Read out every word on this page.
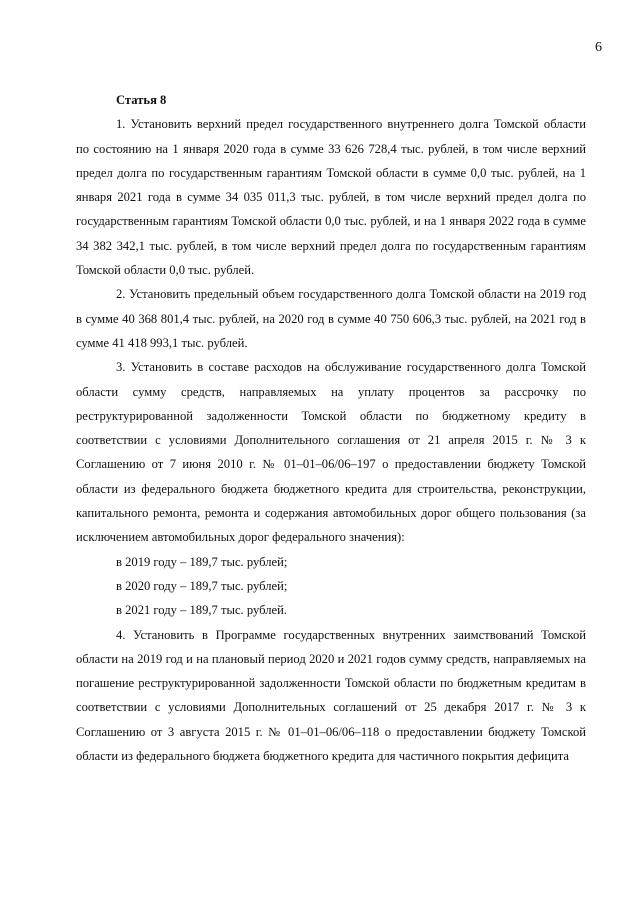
6

Статья 8

1. Установить верхний предел государственного внутреннего долга Томской области по состоянию на 1 января 2020 года в сумме 33 626 728,4 тыс. рублей, в том числе верхний предел долга по государственным гарантиям Томской области в сумме 0,0 тыс. рублей, на 1 января 2021 года в сумме 34 035 011,3 тыс. рублей, в том числе верхний предел долга по государственным гарантиям Томской области 0,0 тыс. рублей, и на 1 января 2022 года в сумме 34 382 342,1 тыс. рублей, в том числе верхний предел долга по государственным гарантиям Томской области 0,0 тыс. рублей.

2. Установить предельный объем государственного долга Томской области на 2019 год в сумме 40 368 801,4 тыс. рублей, на 2020 год в сумме 40 750 606,3 тыс. рублей, на 2021 год в сумме 41 418 993,1 тыс. рублей.

3. Установить в составе расходов на обслуживание государственного долга Томской области сумму средств, направляемых на уплату процентов за рассрочку по реструктурированной задолженности Томской области по бюджетному кредиту в соответствии с условиями Дополнительного соглашения от 21 апреля 2015 г. № 3 к Соглашению от 7 июня 2010 г. № 01–01–06/06–197 о предоставлении бюджету Томской области из федерального бюджета бюджетного кредита для строительства, реконструкции, капитального ремонта, ремонта и содержания автомобильных дорог общего пользования (за исключением автомобильных дорог федерального значения):

в 2019 году – 189,7 тыс. рублей;

в 2020 году – 189,7 тыс. рублей;

в 2021 году – 189,7 тыс. рублей.

4. Установить в Программе государственных внутренних заимствований Томской области на 2019 год и на плановый период 2020 и 2021 годов сумму средств, направляемых на погашение реструктурированной задолженности Томской области по бюджетным кредитам в соответствии с условиями Дополнительных соглашений от 25 декабря 2017 г. № 3 к Соглашению от 3 августа 2015 г. № 01–01–06/06–118 о предоставлении бюджету Томской области из федерального бюджета бюджетного кредита для частичного покрытия дефицита
